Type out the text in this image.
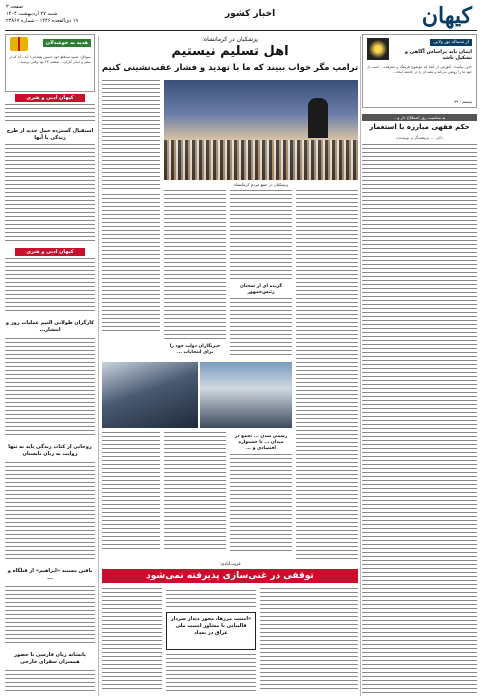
کیهان
اخبار کشور
صفحه ۳
شنبه ۲۷ اردیبهشت ۱۴۰۴
۱۹ ذی‌القعده ۱۴۴۶ - شماره ۲۳۸۶۷
هدیه به خوشدلان
سوءال: شبیه سه‌قلو خود حسین همدانی! آیا... آیا که از سفر و دیدار کاران... صفحه ۲۳ بود وقتی پرسید...
کیهان ادبی و هنری
استقبال گسترده حمل جدید از طرح زندگی با آبها
کیهان ادبی و هنری
کارگران طولانی التیم عملیات روز و انتشار...
روحانی از کتاب زندگی باید نه تنها روایت به زبان تابستان
یافتن مستند «ابراهیم» از قتلگاه و ...
پانشانه زبان فارسی با حضور همسران سفرای خارجی
پزشکیان در کرمانشاه:
اهل تسلیم نیستیم
ترامپ مگر خواب ببیند که ما با تهدید و فشار عقب‌نشینی کنیم
از نه‌ساله نور ولایی
ایمان باید براساس آگاهی و تشکیل باشد
«این بیانیه»: آموزش از آنجا که موضوع فرهنگ و معرفت... است از خود ما را روشن می‌کند و همه آن را در جامعه ایجاد...
بیستم - ۹۹
به مناسبت روز اصطلاح دار و...
حکم فقهی مبارزه با استعمار
دکتر ... پژوهشگر و نویسنده
پزشکیان در جمع مردم کرمانشاه
گزیده ای از سخنان رئیس‌جمهور
خبرنگاران دولت خود را برای انتخابات ...
رسمی شدن ... تجمع در میدان ... تا جشنواره اقتصادی و ...
غریب‌آبادی:
توقفی در غنی‌سازی پذیرفته نمی‌شود
«امنیت مرزها، محور دیدار سردار قالیبانی با مشاور امنیت ملی عراق در بغداد
